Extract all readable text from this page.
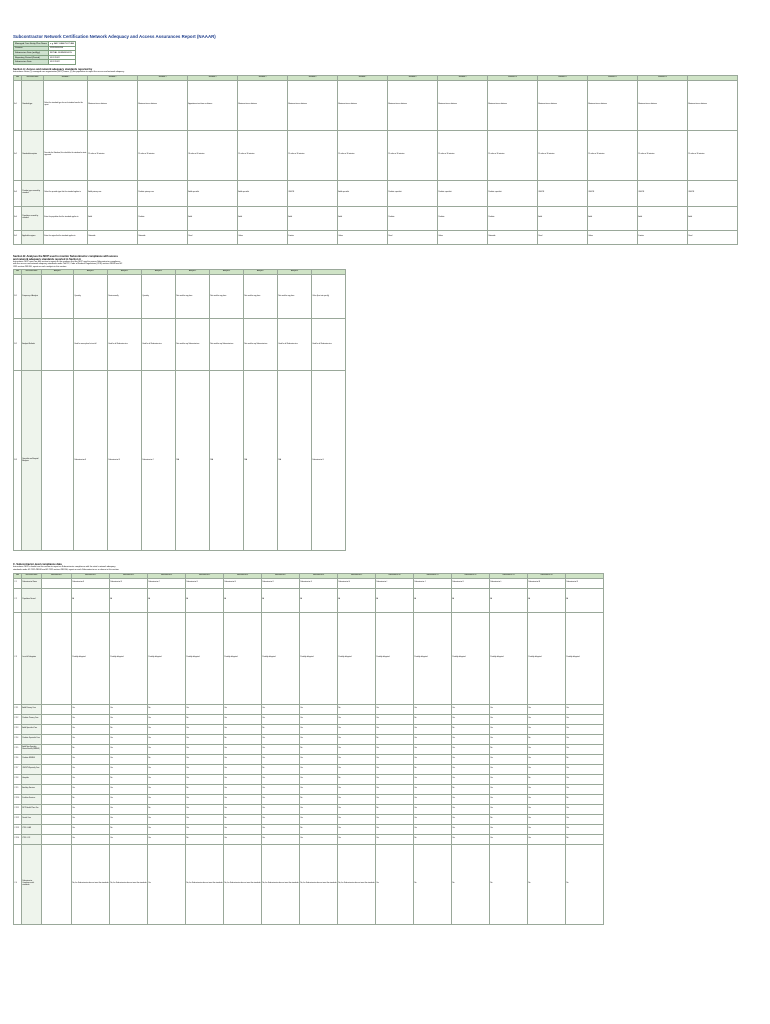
Subcontractor Network Certification Network Adequacy and Access Assurances Report (NAAAR)
Managed Care Entity Plan Name	e.g. ABC HEALTH PLAN
License	X0X0X000X0
Submission Date (m/d/yy)	INITIAL SUBMISSION
Reporting Period (Period)	01/1/2022
Submission Date	01/1/2022
Section A: Access and network adequacy standards reported by
Instructions: Enter (1) managed care organization (MCP) name; (2) the population to report the access and network adequacy
Item	Item Instructions	Standard 1	Standard 2	Standard 3	Standard 4	Standard 5	Standard 6	Standard 7	Standard 8	Standard 9	Standard 10	Standard 11	Standard 12	Standard 13	
A.1	Standard type	Select the standard type for each standard used in this report	Maximum time or distance	Maximum time or distance	Appointment wait time or distance	Maximum time or distance	Maximum time or distance	Maximum time or distance	Maximum time or distance	Maximum time or distance	Maximum time or distance	Maximum time or distance	Maximum time or distance	Maximum time or distance	Maximum time or distance
A.2	Standard description	Describe the Standard, this should be the standard as state approved.	15 miles or 30 minutes	15 miles or 30 minutes	30 miles or 60 minutes	15 miles or 30 minutes	15 miles or 30 minutes	15 miles or 30 minutes	15 miles or 30 minutes	15 miles or 30 minutes	15 miles or 30 minutes	15 miles or 30 minutes	15 miles or 30 minutes	15 miles or 30 minutes	15 miles or 30 minutes
A.3	Provider type covered by standard	Select the provider type that the standard applies to	Adult primary care	Pediatric primary care	Adult specialist	Adult specialist	OBGYN	Adult specialist	Pediatric specialist	Pediatric specialist	Pediatric specialist	OBGYN	OBGYN	OBGYN	OBGYN
A.4	Population covered by standard	Enter the population that the standard applies to	Adult	Pediatric	Adult	Adult	Adult	Adult	Pediatric	Pediatric	Pediatric	Adult	Adult	Adult	Adult
A.5	Applicable regions	Enter the region that the standard applies to	Statewide	Statewide	Rural	Urban	Frontier	Urban	Rural	Urban	Statewide	Rural	Urban	Frontier	Rural
Section B: Analyses the MCP used to monitor Subcontractor compliance with access and network adequacy standards reported in Section A
Instructions: MCP must use this section to report on the analyses that the MCP used to assess Subcontractor compliance with the access and network adequacy standards under Title 22, Code of Federal Regulations (CFR) section 438.68 and 42 CFR section 438.206, report on each analysis in this section.
Item	Item Instructions	Analysis 1	Analysis 2	Analysis 3	Analysis 4	Analysis 5	Analysis 6	Analysis 7	Analysis 8	
B.1	Frequency of Analysis		Quarterly	Semi-annually	Quarterly	Not used for any plans	Not used for any plans	Not used for any plans	Not used for any plans	Other (free text specify)
B.2	Analysis Methods		Used for some plans but not all	Used for all Subcontractors	Used for all Subcontractors	Not used for any Subcontractors	Not used for any Subcontractors	Not used for any Subcontractors	Used for all Subcontractors	Used for all Subcontractors
B.3	Specialist and Hospital Analyses		Subcontractor A	Subcontractor B	Subcontractor C	N/A	N/A	N/A	N/A	Subcontractor D
C. Subcontractor-level compliance data
Instructions: MCPs should use this section to report on Subcontractor compliance with the state's network adequacy standards under 42 CFR 438.68 and 42 CFR section 438.206, report on each Subcontractor as a column in this section.
Item	Item Instructions	Subcontractor 1	Subcontractor 2	Subcontractor 3	Subcontractor 4	Subcontractor 5	Subcontractor 6	Subcontractor 7	Subcontractor 8	Subcontractor 9	Subcontractor 10	Subcontractor 11	Subcontractor 12	Subcontractor 13	Subcontractor 14	
C.1	Subcontractor Name		Subcontractor A	Subcontractor B	Subcontractor C	Subcontractor D	Subcontractor E	Subcontractor F	Subcontractor G	Subcontractor H	Subcontractor I	Subcontractor J	Subcontractor K	Subcontractor L	Subcontractor M	Subcontractor N
C.2	Population Served		All	All	All	All	All	All	All	All	All	All	All	All	All	All
C.3	Level of Delegation		Partially delegated	Partially delegated	Partially delegated	Partially delegated	Partially delegated	Partially delegated	Partially delegated	Partially delegated	Partially delegated	Partially delegated	Partially delegated	Partially delegated	Partially delegated	Partially delegated
C.3.1	Adult Primary Care		Yes	Yes	No	Yes	Yes	Yes	Yes	No	Yes	Yes	Yes	Yes	Yes	Yes
C.3.2	Pediatric Primary Care		Yes	Yes	Yes	No	Yes	Yes	Yes	Yes	Yes	No	Yes	Yes	Yes	Yes
C.3.3	Adult Specialist Care		Yes	No	Yes	Yes	Yes	No	Yes	Yes	Yes	Yes	No	Yes	Yes	Yes
C.3.4	Pediatric Specialist Care		Yes	Yes	Yes	Yes	No	Yes	Yes	Yes	No	Yes	Yes	Yes	No	Yes
C.3.5	Adult Non-Specialty Mental Health (NSMHS)		No	Yes	Yes	Yes	Yes	Yes	No	Yes	Yes	Yes	Yes	No	Yes	Yes
C.3.6	Pediatric NSMHS		Yes	Yes	No	Yes	Yes	Yes	Yes	Yes	Yes	Yes	Yes	Yes	Yes	No
C.3.7	OB/GYN Specialty Care		Yes	Yes	Yes	Yes	Yes	No	Yes	Yes	Yes	No	Yes	Yes	Yes	Yes
C.3.8	Hospitals		Yes	No	Yes	Yes	Yes	Yes	Yes	No	Yes	Yes	Yes	Yes	No	Yes
C.3.9	Ancillary Services		Yes	Yes	Yes	No	Yes	Yes	Yes	Yes	Yes	Yes	No	Yes	Yes	Yes
C.3.10	Facilities Services		No	Yes	Yes	Yes	Yes	Yes	No	Yes	Yes	Yes	Yes	Yes	Yes	No
C.3.11	MCP Health Plans Too		Yes	Yes	No	Yes	Yes	Yes	Yes	Yes	No	Yes	Yes	Yes	Yes	Yes
C.3.12	Dental Care		Yes	Yes	Yes	Yes	No	Yes	Yes	Yes	Yes	Yes	Yes	No	Yes	Yes
C.3.13	LTSS - HHS		Yes	No	Yes	Yes	Yes	Yes	No	Yes	Yes	Yes	Yes	Yes	Yes	Yes
C.3.14	LTSS - ICF		Yes	Yes	Yes	No	Yes	Yes	Yes	Yes	Yes	No	Yes	Yes	Yes	No
C.4	Subcontractor Compliance with standards		No, the Subcontractor does not meet the standards	No, the Subcontractor does not meet the standards	Yes	No, the Subcontractor does not meet the standards	No, the Subcontractor does not meet the standards	No, the Subcontractor does not meet the standards	No, the Subcontractor does not meet the standards	No, the Subcontractor does not meet the standards	Yes	No	No	No	No	No
